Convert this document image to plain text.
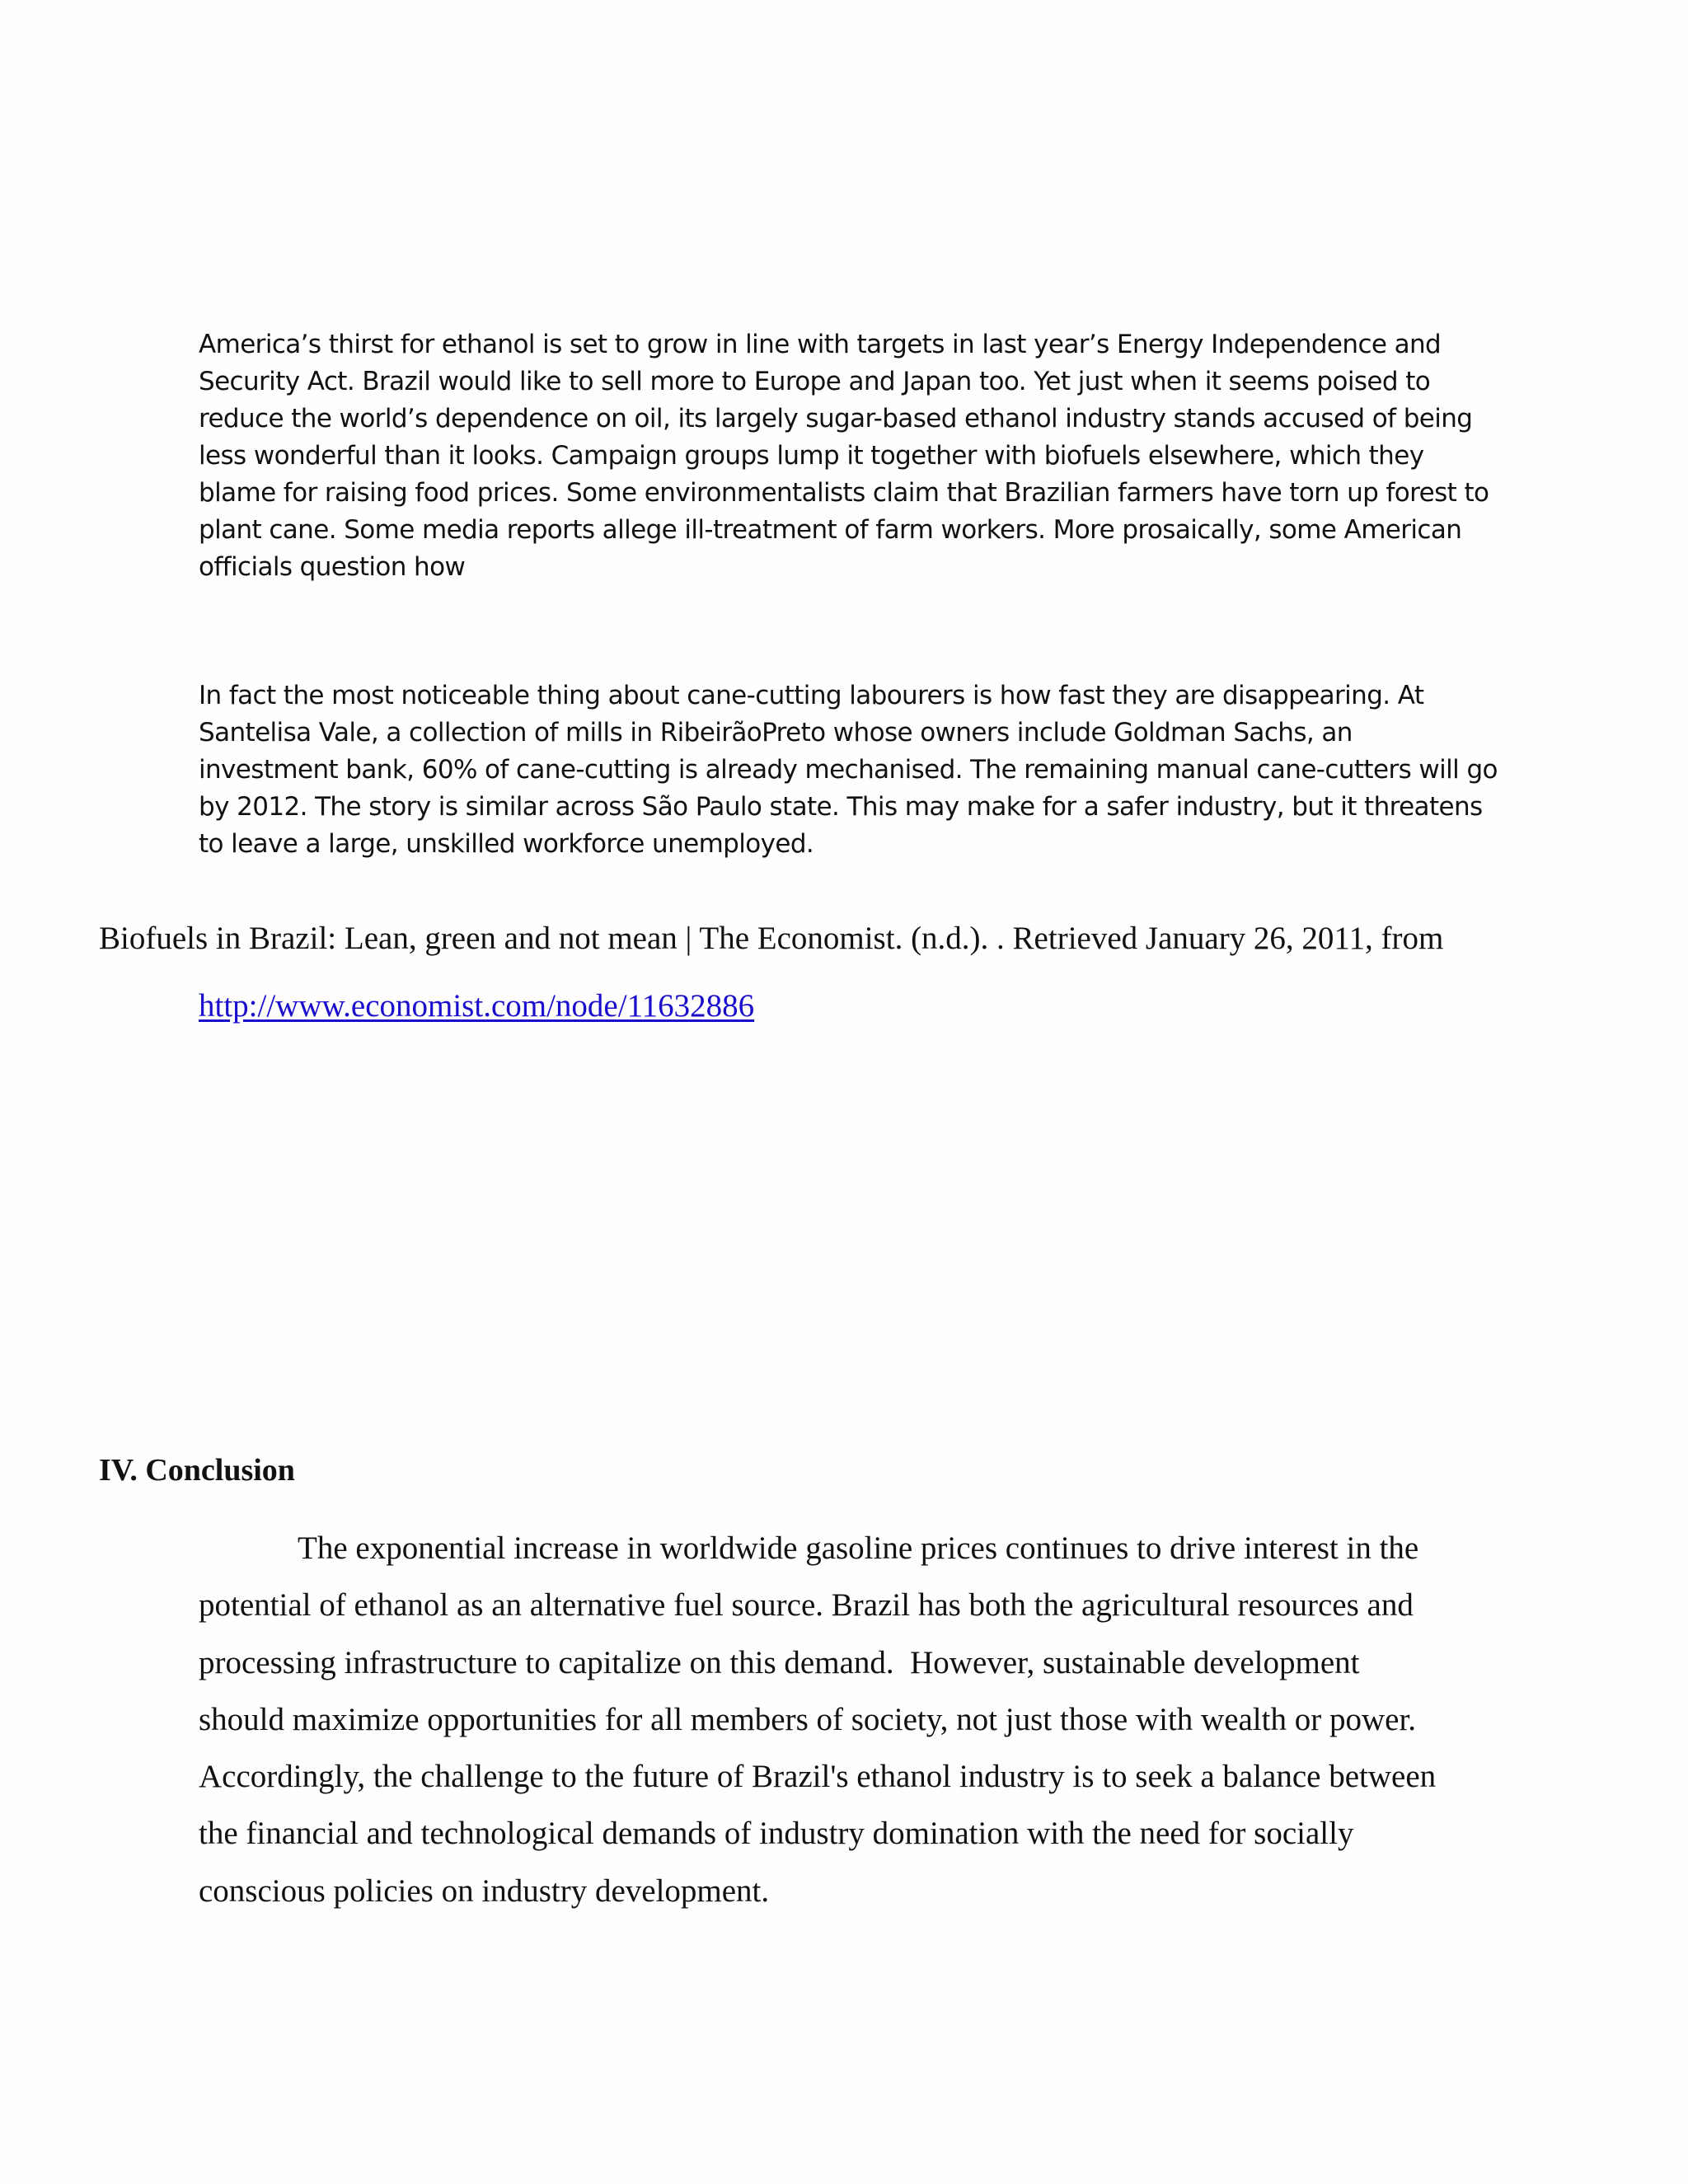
America’s thirst for ethanol is set to grow in line with targets in last year’s Energy Independence and
Security Act. Brazil would like to sell more to Europe and Japan too. Yet just when it seems poised to
reduce the world’s dependence on oil, its largely sugar-based ethanol industry stands accused of being
less wonderful than it looks. Campaign groups lump it together with biofuels elsewhere, which they
blame for raising food prices. Some environmentalists claim that Brazilian farmers have torn up forest to
plant cane. Some media reports allege ill-treatment of farm workers. More prosaically, some American
officials question how
In fact the most noticeable thing about cane-cutting labourers is how fast they are disappearing. At
Santelisa Vale, a collection of mills in RibeirãoPreto whose owners include Goldman Sachs, an
investment bank, 60% of cane-cutting is already mechanised. The remaining manual cane-cutters will go
by 2012. The story is similar across São Paulo state. This may make for a safer industry, but it threatens
to leave a large, unskilled workforce unemployed.
Biofuels in Brazil: Lean, green and not mean | The Economist. (n.d.). . Retrieved January 26, 2011, from
http://www.economist.com/node/11632886
IV. Conclusion
The exponential increase in worldwide gasoline prices continues to drive interest in the
potential of ethanol as an alternative fuel source. Brazil has both the agricultural resources and
processing infrastructure to capitalize on this demand.  However, sustainable development
should maximize opportunities for all members of society, not just those with wealth or power.
Accordingly, the challenge to the future of Brazil's ethanol industry is to seek a balance between
the financial and technological demands of industry domination with the need for socially
conscious policies on industry development.
